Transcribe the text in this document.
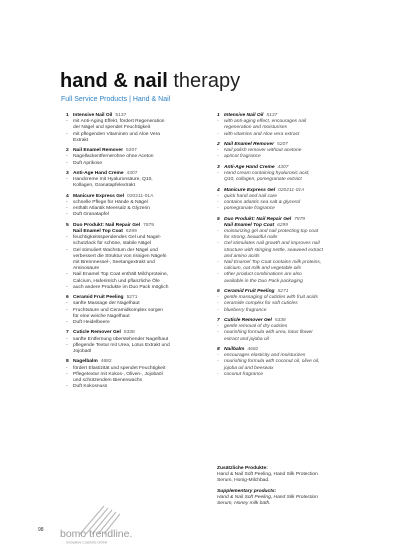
hand & nail therapy
Full Service Products | Hand & Nail
1 Intensive Nail Oil 5137
- mit Anti-Aging Effekt, fördert Regeneration
der Nägel und spendet Feuchtigkeit
- mit pflegenden Vitaminen und Aloe Vera
Extrakt
2 Nail Enamel Remover 5207
- Nagellackentfernerohne ohne Aceton
- Duft Aprikose
3 Anti-Age Hand Creme 4307
- Handcreme mit Hyaluronsäure, Q10,
Kollagen, Granatapfelextrakt
4 Manicure Express Gel 020211-01A
- schnelle Pflege für Hände & Nägel
- enthält Atlantik Meersalz & Glyzerin
- Duft Granatapfel
5 Duo Produkt: Nail Repair Gel 7879
Nail Enamel Top Coat 6299
- feuchtigkeitsspendendes Gel und Nagel-
schutzlack für schöne, stabile Nägel
- Gel stimuliert Wachstum der Nägel und
verbessert die Struktur von rissigen Nägeln
mit Brennnessel-, Seetangextrakt und
Aminosäure
- Nail Enamel Top Coat enthält Milchproteine,
Calcium, Haferimlch und pflanzliche Öle
- auch andere Produkte im Duo Pack möglich
6 Ceramid Fruit Peeling 5271
- sanfte Massage der Nagelhaut
- Fruchtsäure und Ceramidkomplex sorgen
für eine weiche Nagelhaut
- Duft Heidelbeere
7 Cuticle Remover Gel 5338
- sanfte Entfernung überstehender Nagelhaut
- pflegende Textur mit Urea, Lotus Extrakt und
Jojobaöl
8 Nagelbalm 4682
- fördert Elastizität und spendet Feuchtigkeit
- Pflegetextur mit Kokos-, Oliven-, Jojobaöl
und schützendem Bienenwachs
- Duft Kokosnuss
1 Intensive Nail Oil 5137
- with anti-aging effect, encourages nail
regeneration and moisturises
- with vitamins and Aloe vera extract
2 Nail Enamel Remover 5207
- Nail polish remover without acetone
- apricot fragrance
3 Anti-Age Hand Creme 4307
- Hand cream containing hyaluronic acid,
Q10, collagen, pomegranate extract
4 Manicure Express Gel 020211-01A
- quick hand and nail care
- contains atlantic sea salt & glycerol
- pomegranate fragrance
5 Duo Produkt: Nail Repair Gel 7879
Nail Enamel Top Coat 6299
- moisturizing gel and nail protecting top coat
for strong, beautiful nails
- Gel stimulates nail growth and improves nail
structure with stinging nettle, seaweed extract
and amino acids
- Nail Enamel Top Coat contains milk proteins,
calcium, oat milk and vegetable oils
- other product combinations are also
available in the Duo Pack packaging
6 Ceramid Fruit Peeling 5271
- gentle massaging of cuticles with fruit acids
- ceramide complex for soft cuticles
- blueberry fragrance
7 Cuticle Remover Gel 5338
- gentle removal of dry cuticles
- nourishing formula with urea, lotus flower
extract and jojoba oil
8 Nailbalm 4682
- encourages elasticity and moisturizes
- nourishing formula with coconut oil, olive oil,
jojoba oil and beeswax
- coconut fragrance
Zusätzliche Produkte:
Hand & Nail Soft Peeling, Hand Silk Protection
Serum, Honig-Milchbad.
Supplementary products:
Hand & Nail Soft Peeling, Hand Silk Protection
Serum, Honey milk bath.
bomo trendline.
Innovative Cosmetic GmbH
98
